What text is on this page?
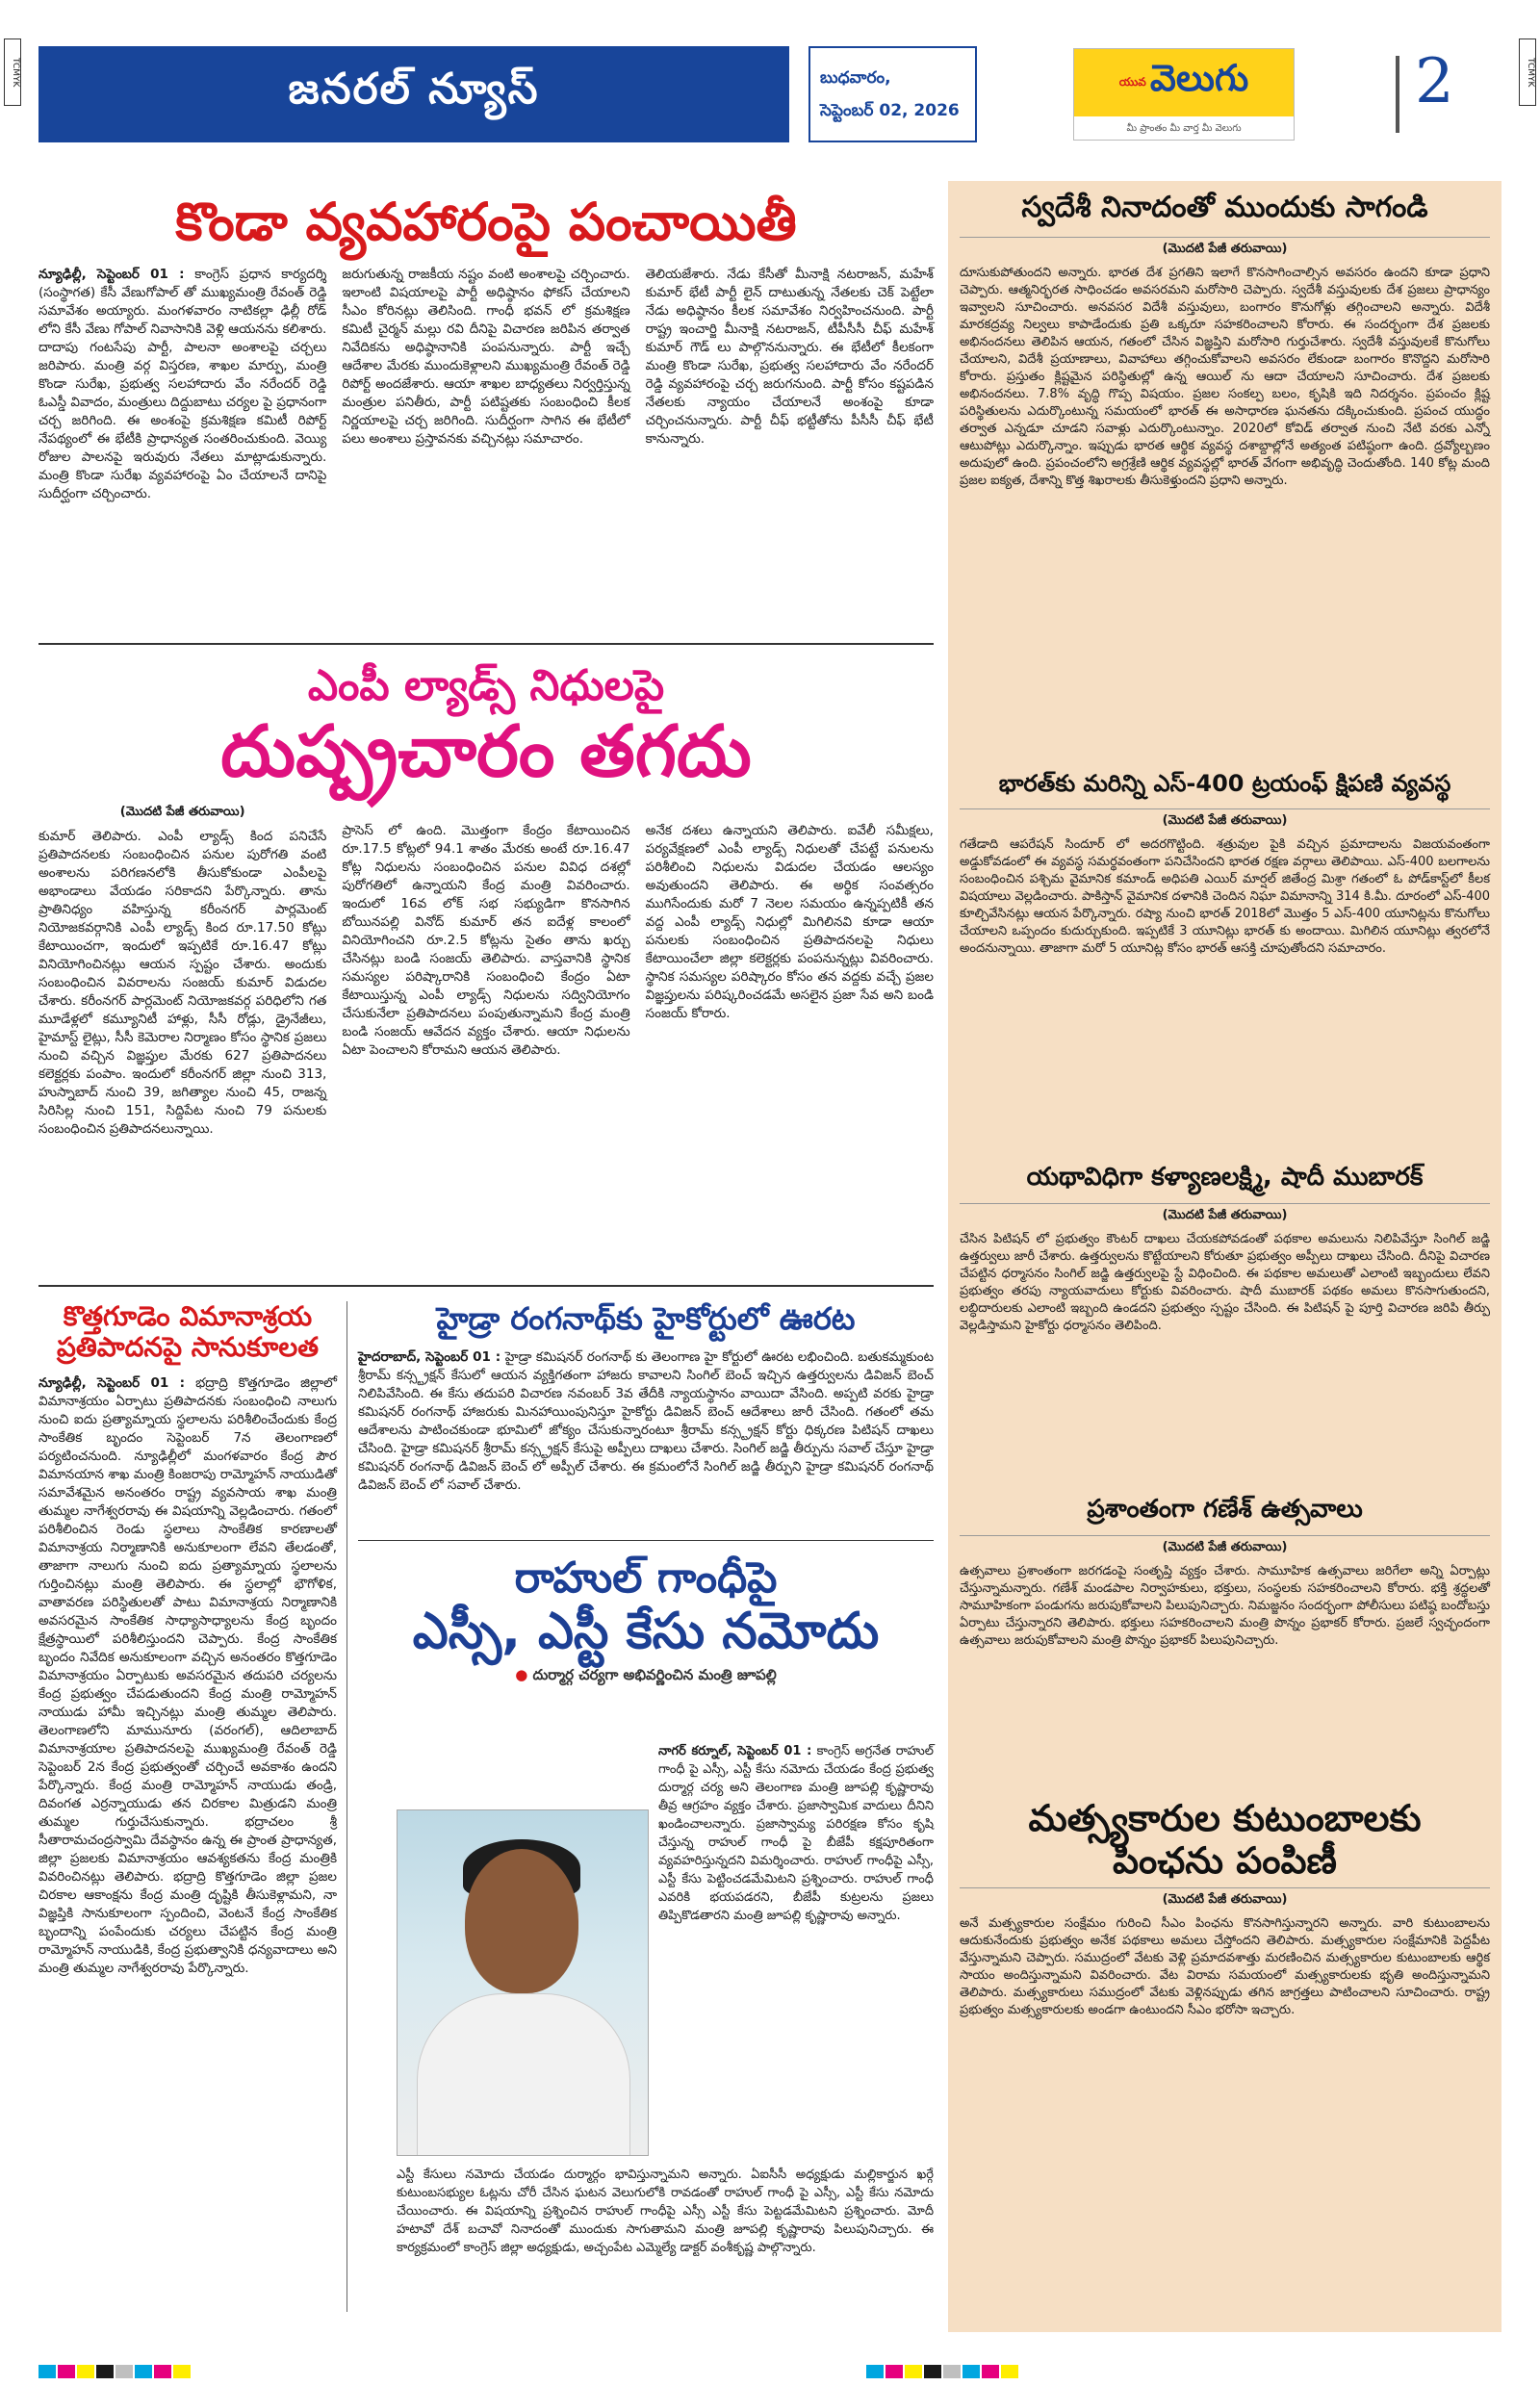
TCMYK	TCMYK
జనరల్ న్యూస్	బుధవారం,
సెప్టెంబర్ 02, 2026
యువ వెలుగు
మీ ప్రాంతం మీ వార్త మీ వెలుగు
2
కొండా వ్యవహారంపై పంచాయితీ

న్యూఢిల్లీ, సెప్టెంబర్ 01 : కాంగ్రెస్ ప్రధాన కార్యదర్శి (సంస్థాగత) కేసీ వేణుగోపాల్ తో ముఖ్యమంత్రి రేవంత్ రెడ్డి సమావేశం అయ్యారు. మంగళవారం నాటికల్లా ఢిల్లీ రోడ్ లోని కేసీ వేణు గోపాల్ నివాసానికి వెళ్లి ఆయనను కలిశారు. దాదాపు గంటసేపు పార్టీ, పాలనా అంశాలపై చర్చలు జరిపారు. మంత్రి వర్గ విస్తరణ, శాఖల మార్పు, మంత్రి కొండా సురేఖ, ప్రభుత్వ సలహాదారు వేం నరేందర్ రెడ్డి ఓఎస్డీ వివాదం, మంత్రులు దిద్దుబాటు చర్యల పై ప్రధానంగా చర్చ జరిగింది. ఈ అంశంపై క్రమశిక్షణ కమిటీ రిపోర్ట్ నేపథ్యంలో ఈ భేటీకి ప్రాధాన్యత సంతరించుకుంది. వెయ్యి రోజుల పాలనపై ఇరువురు నేతలు మాట్లాడుకున్నారు. మంత్రి కొండా సురేఖ వ్యవహారంపై ఏం చేయాలనే దానిపై సుదీర్ఘంగా చర్చించారు.

జరుగుతున్న రాజకీయ నష్టం వంటి అంశాలపై చర్చించారు. ఇలాంటి విషయాలపై పార్టీ అధిష్ఠానం ఫోకస్ చేయాలని సీఎం కోరినట్లు తెలిసింది. గాంధీ భవన్ లో క్రమశిక్షణ కమిటీ చైర్మన్ మల్లు రవి దీనిపై విచారణ జరిపిన తర్వాత నివేదికను అధిష్ఠానానికి పంపనున్నారు. పార్టీ ఇచ్చే ఆదేశాల మేరకు ముందుకెళ్లాలని ముఖ్యమంత్రి రేవంత్ రెడ్డి రిపోర్ట్ అందజేశారు. ఆయా శాఖల బాధ్యతలు నిర్వర్తిస్తున్న మంత్రుల పనితీరు, పార్టీ పటిష్టతకు సంబంధించి కీలక నిర్ణయాలపై చర్చ జరిగింది. సుదీర్ఘంగా సాగిన ఈ భేటీలో పలు అంశాలు ప్రస్తావనకు వచ్చినట్లు సమాచారం.

తెలియజేశారు. నేడు కేసీతో మీనాక్షి నటరాజన్, మహేశ్ కుమార్ భేటీ పార్టీ లైన్ దాటుతున్న నేతలకు చెక్ పెట్టేలా నేడు అధిష్ఠానం కీలక సమావేశం నిర్వహించనుంది. పార్టీ రాష్ట్ర ఇంచార్జి మీనాక్షి నటరాజన్, టీపీసీసీ చీఫ్ మహేశ్ కుమార్ గౌడ్ లు పాల్గొననున్నారు. ఈ భేటీలో కీలకంగా మంత్రి కొండా సురేఖ, ప్రభుత్వ సలహాదారు వేం నరేందర్ రెడ్డి వ్యవహారంపై చర్చ జరుగనుంది. పార్టీ కోసం కష్టపడిన నేతలకు న్యాయం చేయాలనే అంశంపై కూడా చర్చించనున్నారు. పార్టీ చీఫ్ భట్టీతోను పీసీసీ చీఫ్ భేటీ కానున్నారు.

ఎంపీ ల్యాడ్స్ నిధులపై
దుష్ప్రచారం తగదు
(మొదటి పేజీ తరువాయి)

కుమార్ తెలిపారు. ఎంపీ ల్యాడ్స్ కింద పనిచేసే ప్రతిపాదనలకు సంబంధించిన పనుల పురోగతి వంటి అంశాలను పరిగణనలోకి తీసుకోకుండా ఎంపీలపై అభాండాలు వేయడం సరికాదని పేర్కొన్నారు. తాను ప్రాతినిధ్యం వహిస్తున్న కరీంనగర్ పార్లమెంట్ నియోజకవర్గానికి ఎంపీ ల్యాడ్స్ కింద రూ.17.50 కోట్లు కేటాయించగా, ఇందులో ఇప్పటికే రూ.16.47 కోట్లు వినియోగించినట్లు ఆయన స్పష్టం చేశారు. అందుకు సంబంధించిన వివరాలను సంజయ్ కుమార్ విడుదల చేశారు. కరీంనగర్ పార్లమెంట్ నియోజకవర్గ పరిధిలోని గత మూడేళ్లలో కమ్యూనిటీ హాళ్లు, సీసీ రోడ్లు, డ్రైనేజీలు, హైమాస్ట్ లైట్లు, సీసీ కెమెరాల నిర్మాణం కోసం స్థానిక ప్రజలు నుంచి వచ్చిన విజ్ఞప్తుల మేరకు 627 ప్రతిపాదనలు కలెక్టర్లకు పంపాం. ఇందులో కరీంనగర్ జిల్లా నుంచి 313, హుస్నాబాద్ నుంచి 39, జగిత్యాల నుంచి 45, రాజన్న సిరిసిల్ల నుంచి 151, సిద్దిపేట నుంచి 79 పనులకు సంబంధించిన ప్రతిపాదనలున్నాయి.

ప్రాసెస్ లో ఉంది. మొత్తంగా కేంద్రం కేటాయించిన రూ.17.5 కోట్లలో 94.1 శాతం మేరకు అంటే రూ.16.47 కోట్ల నిధులను సంబంధించిన పనుల వివిధ దశల్లో పురోగతిలో ఉన్నాయని కేంద్ర మంత్రి వివరించారు. ఇందులో 16వ లోక్ సభ సభ్యుడిగా కొనసాగిన బోయినపల్లి వినోద్ కుమార్ తన ఐదేళ్ల కాలంలో వినియోగించని రూ.2.5 కోట్లను సైతం తాను ఖర్చు చేసినట్లు బండి సంజయ్ తెలిపారు. వాస్తవానికి స్థానిక సమస్యల పరిష్కారానికి సంబంధించి కేంద్రం ఏటా కేటాయిస్తున్న ఎంపీ ల్యాడ్స్ నిధులను సద్వినియోగం చేసుకునేలా ప్రతిపాదనలు పంపుతున్నామని కేంద్ర మంత్రి బండి సంజయ్ ఆవేదన వ్యక్తం చేశారు. ఆయా నిధులను ఏటా పెంచాలని కోరామని ఆయన తెలిపారు.

అనేక దశలు ఉన్నాయని తెలిపారు. ఐవేలీ సమీక్షలు, పర్యవేక్షణలో ఎంపీ ల్యాడ్స్ నిధులతో చేపట్టే పనులను పరిశీలించి నిధులను విడుదల చేయడం ఆలస్యం అవుతుందని తెలిపారు. ఈ అర్థిక సంవత్సరం ముగిసేందుకు మరో 7 నెలల సమయం ఉన్నప్పటికీ తన వద్ద ఎంపీ ల్యాడ్స్ నిధుల్లో మిగిలినవి కూడా ఆయా పనులకు సంబంధించిన ప్రతిపాదనలపై నిధులు కేటాయించేలా జిల్లా కలెక్టర్లకు పంపనున్నట్లు వివరించారు. స్థానిక సమస్యల పరిష్కారం కోసం తన వద్దకు వచ్చే ప్రజల విజ్ఞప్తులను పరిష్కరించడమే అసలైన ప్రజా సేవ అని బండి సంజయ్ కోరారు.

కొత్తగూడెం విమానాశ్రయ ప్రతిపాదనపై సానుకూలత

న్యూఢిల్లీ, సెప్టెంబర్ 01 : భద్రాద్రి కొత్తగూడెం జిల్లాలో విమానాశ్రయం ఏర్పాటు ప్రతిపాదనకు సంబంధించి నాలుగు నుంచి ఐదు ప్రత్యామ్నాయ స్థలాలను పరిశీలించేందుకు కేంద్ర సాంకేతిక బృందం సెప్టెంబర్ 7న తెలంగాణలో పర్యటించనుంది. న్యూఢిల్లీలో మంగళవారం కేంద్ర పౌర విమానయాన శాఖ మంత్రి కింజరాపు రామ్మోహన్ నాయుడితో సమావేశమైన అనంతరం రాష్ట్ర వ్యవసాయ శాఖ మంత్రి తుమ్మల నాగేశ్వరరావు ఈ విషయాన్ని వెల్లడించారు. గతంలో పరిశీలించిన రెండు స్థలాలు సాంకేతిక కారణాలతో విమానాశ్రయ నిర్మాణానికి అనుకూలంగా లేవని తేలడంతో, తాజాగా నాలుగు నుంచి ఐదు ప్రత్యామ్నాయ స్థలాలను గుర్తించినట్లు మంత్రి తెలిపారు. ఈ స్థలాల్లో భౌగోళిక, వాతావరణ పరిస్థితులతో పాటు విమానాశ్రయ నిర్మాణానికి అవసరమైన సాంకేతిక సాధ్యాసాధ్యాలను కేంద్ర బృందం క్షేత్రస్థాయిలో పరిశీలిస్తుందని చెప్పారు. కేంద్ర సాంకేతిక బృందం నివేదిక అనుకూలంగా వచ్చిన అనంతరం కొత్తగూడెం విమానాశ్రయం ఏర్పాటుకు అవసరమైన తదుపరి చర్యలను కేంద్ర ప్రభుత్వం చేపడుతుందని కేంద్ర మంత్రి రామ్మోహన్ నాయుడు హామీ ఇచ్చినట్లు మంత్రి తుమ్మల తెలిపారు. తెలంగాణలోని మామునూరు (వరంగల్), ఆదిలాబాద్ విమానాశ్రయాల ప్రతిపాదనలపై ముఖ్యమంత్రి రేవంత్ రెడ్డి సెప్టెంబర్ 2న కేంద్ర ప్రభుత్వంతో చర్చించే అవకాశం ఉందని పేర్కొన్నారు. కేంద్ర మంత్రి రామ్మోహన్ నాయుడు తండ్రి, దివంగత ఎర్రన్నాయుడు తన చిరకాల మిత్రుడని మంత్రి తుమ్మల గుర్తుచేసుకున్నారు. భద్రాచలం శ్రీ సీతారామచంద్రస్వామి దేవస్థానం ఉన్న ఈ ప్రాంత ప్రాధాన్యత, జిల్లా ప్రజలకు విమానాశ్రయం ఆవశ్యకతను కేంద్ర మంత్రికి వివరించినట్లు తెలిపారు. భద్రాద్రి కొత్తగూడెం జిల్లా ప్రజల చిరకాల ఆకాంక్షను కేంద్ర మంత్రి దృష్టికి తీసుకెళ్లామని, నా విజ్ఞప్తికి సానుకూలంగా స్పందించి, వెంటనే కేంద్ర సాంకేతిక బృందాన్ని పంపేందుకు చర్యలు చేపట్టిన కేంద్ర మంత్రి రామ్మోహన్ నాయుడికి, కేంద్ర ప్రభుత్వానికి ధన్యవాదాలు అని మంత్రి తుమ్మల నాగేశ్వరరావు పేర్కొన్నారు.

హైడ్రా రంగనాథ్‌కు హైకోర్టులో ఊరట

హైదరాబాద్, సెప్టెంబర్ 01 : హైడ్రా కమిషనర్ రంగనాథ్ కు తెలంగాణ హై కోర్టులో ఊరట లభించింది. బతుకమ్మకుంట శ్రీరామ్ కన్స్ట్రక్షన్ కేసులో ఆయన వ్యక్తిగతంగా హాజరు కావాలని సింగిల్ బెంచ్ ఇచ్చిన ఉత్తర్వులను డివిజన్ బెంచ్ నిలిపివేసింది. ఈ కేసు తదుపరి విచారణ నవంబర్ 3వ తేదీకి న్యాయస్థానం వాయిదా వేసింది. అప్పటి వరకు హైడ్రా కమిషనర్ రంగనాథ్ హాజరుకు మినహాయింపునిస్తూ హైకోర్టు డివిజన్ బెంచ్ ఆదేశాలు జారీ చేసింది. గతంలో తమ ఆదేశాలను పాటించకుండా భూమిలో జోక్యం చేసుకున్నారంటూ శ్రీరామ్ కన్స్ట్రక్షన్ కోర్టు ధిక్కరణ పిటిషన్ దాఖలు చేసింది. హైడ్రా కమిషనర్ శ్రీరామ్ కన్స్ట్రక్షన్ కేసుపై అప్పీలు దాఖలు చేశారు. సింగిల్ జడ్జి తీర్పును సవాల్ చేస్తూ హైడ్రా కమిషనర్ రంగనాథ్ డివిజన్ బెంచ్ లో అప్పీల్ చేశారు. ఈ క్రమంలోనే సింగిల్ జడ్జి తీర్పుని హైడ్రా కమిషనర్ రంగనాథ్ డివిజన్ బెంచ్ లో సవాల్ చేశారు.

రాహుల్ గాంధీపై
ఎస్సీ, ఎస్టీ కేసు నమోదు
● దుర్మార్గ చర్యగా అభివర్ణించిన మంత్రి జూపల్లి

నాగర్ కర్నూల్, సెప్టెంబర్ 01 : కాంగ్రెస్ అగ్రనేత రాహుల్ గాంధీ పై ఎస్సీ, ఎస్టీ కేసు నమోదు చేయడం కేంద్ర ప్రభుత్వ దుర్మార్గ చర్య అని తెలంగాణ మంత్రి జూపల్లి కృష్ణారావు తీవ్ర ఆగ్రహం వ్యక్తం చేశారు. ప్రజాస్వామిక వాదులు దీనిని ఖండించాలన్నారు. ప్రజాస్వామ్య పరిరక్షణ కోసం కృషి చేస్తున్న రాహుల్ గాంధీ పై బీజేపీ కక్షపూరితంగా వ్యవహరిస్తున్నదని విమర్శించారు. రాహుల్ గాంధీపై ఎస్సీ, ఎస్టీ కేసు పెట్టించడమేమిటని ప్రశ్నించారు. రాహుల్ గాంధీ ఎవరికి భయపడరని, బీజేపీ కుట్రలను ప్రజలు తిప్పికొడతారని మంత్రి జూపల్లి కృష్ణారావు అన్నారు.

ఎస్టీ కేసులు నమోదు చేయడం దుర్మార్గం భావిస్తున్నామని అన్నారు. ఏఐసీసీ అధ్యక్షుడు మల్లికార్జున ఖర్గే కుటుంబసభ్యుల ఓట్లను చోరీ చేసిన ఘటన వెలుగులోకి రావడంతో రాహుల్ గాంధీ పై ఎస్సీ, ఎస్టీ కేసు నమోదు చేయించారు. ఈ విషయాన్ని ప్రశ్నించిన రాహుల్ గాంధీపై ఎస్సీ ఎస్టీ కేసు పెట్టడమేమిటని ప్రశ్నించారు. మోదీ హటావో దేశ్ బచావో నినాదంతో ముందుకు సాగుతామని మంత్రి జూపల్లి కృష్ణారావు పిలుపునిచ్చారు. ఈ కార్యక్రమంలో కాంగ్రెస్ జిల్లా అధ్యక్షుడు, అచ్చంపేట ఎమ్మెల్యే డాక్టర్ వంశీకృష్ణ పాల్గొన్నారు.

స్వదేశీ నినాదంతో ముందుకు సాగండి
(మొదటి పేజీ తరువాయి)

దూసుకుపోతుందని అన్నారు. భారత దేశ ప్రగతిని ఇలాగే కొనసాగించాల్సిన అవసరం ఉందని కూడా ప్రధాని చెప్పారు. ఆత్మనిర్భరత సాధించడం అవసరమని మరోసారి చెప్పారు. స్వదేశీ వస్తువులకు దేశ ప్రజలు ప్రాధాన్యం ఇవ్వాలని సూచించారు. అనవసర విదేశీ వస్తువులు, బంగారం కొనుగోళ్లు తగ్గించాలని అన్నారు. విదేశీ మారకద్రవ్య నిల్వలు కాపాడేందుకు ప్రతి ఒక్కరూ సహకరించాలని కోరారు. ఈ సందర్భంగా దేశ ప్రజలకు అభినందనలు తెలిపిన ఆయన, గతంలో చేసిన విజ్ఞప్తిని మరోసారి గుర్తుచేశారు. స్వదేశీ వస్తువులకే కొనుగోలు చేయాలని, విదేశీ ప్రయాణాలు, వివాహాలు తగ్గించుకోవాలని అవసరం లేకుండా బంగారం కొనొద్దని మరోసారి కోరారు. ప్రస్తుతం క్లిష్టమైన పరిస్థితుల్లో ఉన్న ఆయిల్ ను ఆదా చేయాలని సూచించారు. దేశ ప్రజలకు అభినందనలు. 7.8% వృద్ధి గొప్ప విషయం. ప్రజల సంకల్ప బలం, కృషికి ఇది నిదర్శనం. ప్రపంచం క్లిష్ట పరిస్థితులను ఎదుర్కొంటున్న సమయంలో భారత్ ఈ అసాధారణ ఘనతను దక్కించుకుంది. ప్రపంచ యుద్ధం తర్వాత ఎన్నడూ చూడని సవాళ్లు ఎదుర్కొంటున్నాం. 2020లో కోవిడ్ తర్వాత నుంచి నేటి వరకు ఎన్నో ఆటుపోట్లు ఎదుర్కొన్నాం. ఇప్పుడు భారత ఆర్థిక వ్యవస్థ దశాబ్దాల్లోనే అత్యంత పటిష్ఠంగా ఉంది. ద్రవ్యోల్బణం అదుపులో ఉంది. ప్రపంచంలోని అగ్రశ్రేణి ఆర్థిక వ్యవస్థల్లో భారత్ వేగంగా అభివృద్ధి చెందుతోంది. 140 కోట్ల మంది ప్రజల ఐక్యత, దేశాన్ని కొత్త శిఖరాలకు తీసుకెళ్తుందని ప్రధాని అన్నారు.

భారత్‌కు మరిన్ని ఎస్-400 ట్రయంఫ్ క్షిపణి వ్యవస్థ
(మొదటి పేజీ తరువాయి)

గతేడాది ఆపరేషన్ సిందూర్ లో అదరగొట్టింది. శత్రువుల పైకి వచ్చిన ప్రమాదాలను విజయవంతంగా అడ్డుకోవడంలో ఈ వ్యవస్థ సమర్థవంతంగా పనిచేసిందని భారత రక్షణ వర్గాలు తెలిపాయి. ఎస్-400 బలగాలను సంబంధించిన పశ్చిమ వైమానిక కమాండ్ అధిపతి ఎయిర్ మార్షల్ జితేంద్ర మిశ్రా గతంలో ఓ పోడ్‌కాస్ట్‌లో కీలక విషయాలు వెల్లడించారు. పాకిస్తాన్ వైమానిక దళానికి చెందిన నిఘా విమానాన్ని 314 కి.మీ. దూరంలో ఎస్-400 కూల్చివేసినట్లు ఆయన పేర్కొన్నారు. రష్యా నుంచి భారత్ 2018లో మొత్తం 5 ఎస్-400 యూనిట్లను కొనుగోలు చేయాలని ఒప్పందం కుదుర్చుకుంది. ఇప్పటికే 3 యూనిట్లు భారత్ కు అందాయి. మిగిలిన యూనిట్లు త్వరలోనే అందనున్నాయి. తాజాగా మరో 5 యూనిట్ల కోసం భారత్ ఆసక్తి చూపుతోందని సమాచారం.

యథావిధిగా కళ్యాణలక్ష్మి, షాదీ ముబారక్
(మొదటి పేజీ తరువాయి)

చేసిన పిటిషన్ లో ప్రభుత్వం కౌంటర్ దాఖలు చేయకపోవడంతో పథకాల అమలును నిలిపివేస్తూ సింగిల్ జడ్జి ఉత్తర్వులు జారీ చేశారు. ఉత్తర్వులను కొట్టేయాలని కోరుతూ ప్రభుత్వం అప్పీలు దాఖలు చేసింది. దీనిపై విచారణ చేపట్టిన ధర్మాసనం సింగిల్ జడ్జి ఉత్తర్వులపై స్టే విధించింది. ఈ పథకాల అమలుతో ఎలాంటి ఇబ్బందులు లేవని ప్రభుత్వం తరపు న్యాయవాదులు కోర్టుకు వివరించారు. షాదీ ముబారక్ పథకం అమలు కొనసాగుతుందని, లబ్ధిదారులకు ఎలాంటి ఇబ్బంది ఉండదని ప్రభుత్వం స్పష్టం చేసింది. ఈ పిటిషన్ పై పూర్తి విచారణ జరిపి తీర్పు వెల్లడిస్తామని హైకోర్టు ధర్మాసనం తెలిపింది.

ప్రశాంతంగా గణేశ్ ఉత్సవాలు
(మొదటి పేజీ తరువాయి)

ఉత్సవాలు ప్రశాంతంగా జరగడంపై సంతృప్తి వ్యక్తం చేశారు. సామూహిక ఉత్సవాలు జరిగేలా అన్ని ఏర్పాట్లు చేస్తున్నామన్నారు. గణేశ్ మండపాల నిర్వాహకులు, భక్తులు, సంస్థలకు సహకరించాలని కోరారు. భక్తి శ్రద్ధలతో సామూహికంగా పండుగను జరుపుకోవాలని పిలుపునిచ్చారు. నిమజ్జనం సందర్భంగా పోలీసులు పటిష్ఠ బందోబస్తు ఏర్పాటు చేస్తున్నారని తెలిపారు. భక్తులు సహకరించాలని మంత్రి పొన్నం ప్రభాకర్ కోరారు. ప్రజలే స్వచ్ఛందంగా ఉత్సవాలు జరుపుకోవాలని మంత్రి పొన్నం ప్రభాకర్ పిలుపునిచ్చారు.

మత్స్యకారుల కుటుంబాలకు
పింఛను పంపిణీ
(మొదటి పేజీ తరువాయి)

అనే మత్స్యకారుల సంక్షేమం గురించి సీఎం పింఛను కొనసాగిస్తున్నారని అన్నారు. వారి కుటుంబాలను ఆదుకునేందుకు ప్రభుత్వం అనేక పథకాలు అమలు చేస్తోందని తెలిపారు. మత్స్యకారుల సంక్షేమానికి పెద్దపీట వేస్తున్నామని చెప్పారు. సముద్రంలో వేటకు వెళ్లి ప్రమాదవశాత్తు మరణించిన మత్స్యకారుల కుటుంబాలకు ఆర్థిక సాయం అందిస్తున్నామని వివరించారు. వేట విరామ సమయంలో మత్స్యకారులకు భృతి అందిస్తున్నామని తెలిపారు. మత్స్యకారులు సముద్రంలో వేటకు వెళ్లినప్పుడు తగిన జాగ్రత్తలు పాటించాలని సూచించారు. రాష్ట్ర ప్రభుత్వం మత్స్యకారులకు అండగా ఉంటుందని సీఎం భరోసా ఇచ్చారు.
